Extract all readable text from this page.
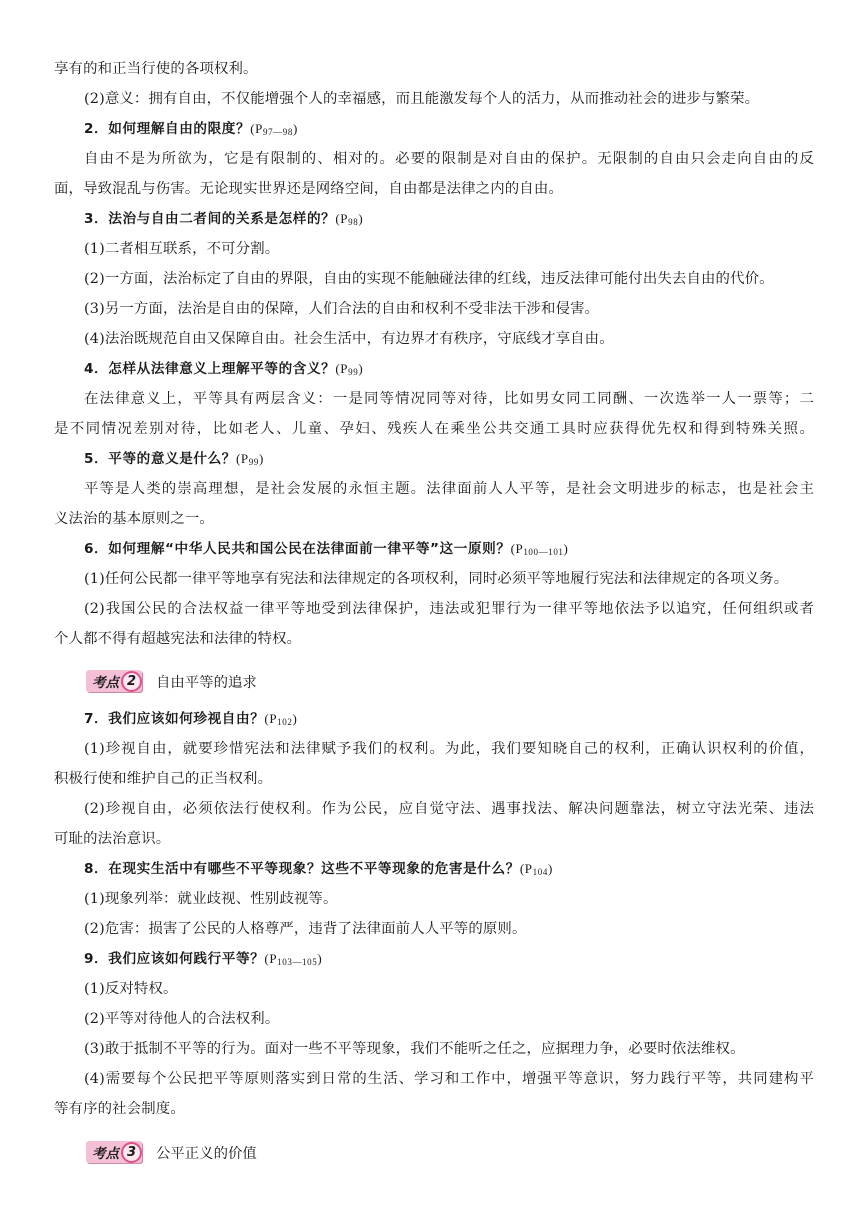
享有的和正当行使的各项权利。
(2)意义：拥有自由，不仅能增强个人的幸福感，而且能激发每个人的活力，从而推动社会的进步与繁荣。
2．如何理解自由的限度？$(P_{97—98})$
自由不是为所欲为，它是有限制的、相对的。必要的限制是对自由的保护。无限制的自由只会走向自由的反
面，导致混乱与伤害。无论现实世界还是网络空间，自由都是法律之内的自由。
3．法治与自由二者间的关系是怎样的？$(P_{98})$
(1)二者相互联系，不可分割。
(2)一方面，法治标定了自由的界限，自由的实现不能触碰法律的红线，违反法律可能付出失去自由的代价。
(3)另一方面，法治是自由的保障，人们合法的自由和权利不受非法干涉和侵害。
(4)法治既规范自由又保障自由。社会生活中，有边界才有秩序，守底线才享自由。
4．怎样从法律意义上理解平等的含义？$(P_{99})$
在法律意义上，平等具有两层含义：一是同等情况同等对待，比如男女同工同酬、一次选举一人一票等；二
是不同情况差别对待，比如老人、儿童、孕妇、残疾人在乘坐公共交通工具时应获得优先权和得到特殊关照。
5．平等的意义是什么？$(P_{99})$
平等是人类的崇高理想，是社会发展的永恒主题。法律面前人人平等，是社会文明进步的标志，也是社会主
义法治的基本原则之一。
6．如何理解“中华人民共和国公民在法律面前一律平等”这一原则？$(P_{100—101})$
(1)任何公民都一律平等地享有宪法和法律规定的各项权利，同时必须平等地履行宪法和法律规定的各项义务。
(2)我国公民的合法权益一律平等地受到法律保护，违法或犯罪行为一律平等地依法予以追究，任何组织或者
个人都不得有超越宪法和法律的特权。
考点 2	自由平等的追求
7．我们应该如何珍视自由？$(P_{102})$
(1)珍视自由，就要珍惜宪法和法律赋予我们的权利。为此，我们要知晓自己的权利，正确认识权利的价值，
积极行使和维护自己的正当权利。
(2)珍视自由，必须依法行使权利。作为公民，应自觉守法、遇事找法、解决问题靠法，树立守法光荣、违法
可耻的法治意识。
8．在现实生活中有哪些不平等现象？这些不平等现象的危害是什么？$(P_{104})$
(1)现象列举：就业歧视、性别歧视等。
(2)危害：损害了公民的人格尊严，违背了法律面前人人平等的原则。
9．我们应该如何践行平等？$(P_{103—105})$
(1)反对特权。
(2)平等对待他人的合法权利。
(3)敢于抵制不平等的行为。面对一些不平等现象，我们不能听之任之，应据理力争，必要时依法维权。
(4)需要每个公民把平等原则落实到日常的生活、学习和工作中，增强平等意识，努力践行平等，共同建构平
等有序的社会制度。
考点 3	公平正义的价值
